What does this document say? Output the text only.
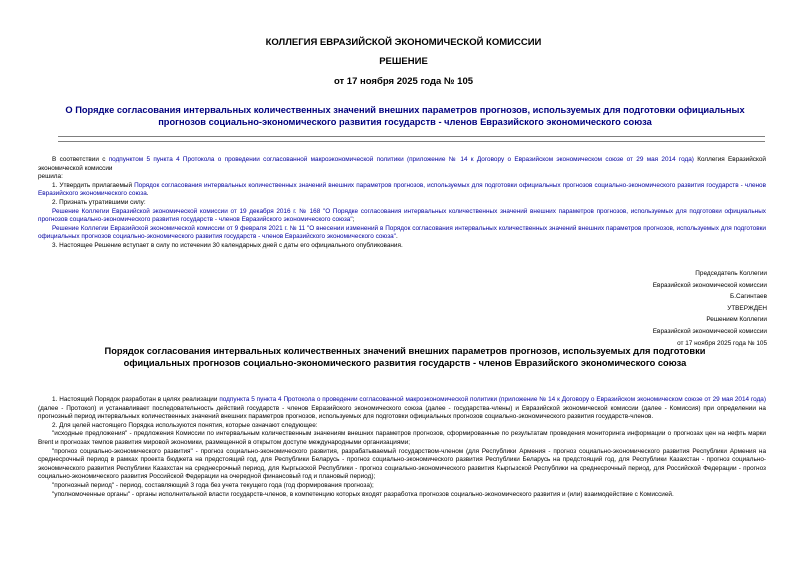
КОЛЛЕГИЯ ЕВРАЗИЙСКОЙ ЭКОНОМИЧЕСКОЙ КОМИССИИ
РЕШЕНИЕ
от 17 ноября 2025 года № 105
О Порядке согласования интервальных количественных значений внешних параметров прогнозов, используемых для подготовки официальных прогнозов социально-экономического развития государств - членов Евразийского экономического союза

В соответствии с подпунктом 5 пункта 4 Протокола о проведении согласованной макроэкономической политики (приложение № 14 к Договору о Евразийском экономическом союзе от 29 мая 2014 года) Коллегия Евразийской экономической комиссии

решила:

1. Утвердить прилагаемый Порядок согласования интервальных количественных значений внешних параметров прогнозов, используемых для подготовки официальных прогнозов социально-экономического развития государств - членов Евразийского экономического союза.

2. Признать утратившими силу:

Решение Коллегии Евразийской экономической комиссии от 19 декабря 2016 г. № 168 "О Порядке согласования интервальных количественных значений внешних параметров прогнозов, используемых для подготовки официальных прогнозов социально-экономического развития государств - членов Евразийского экономического союза";

Решение Коллегии Евразийской экономической комиссии от 9 февраля 2021 г. № 11 "О внесении изменений в Порядок согласования интервальных количественных значений внешних параметров прогнозов, используемых для подготовки официальных прогнозов социально-экономического развития государств - членов Евразийского экономического союза".

3. Настоящее Решение вступает в силу по истечении 30 календарных дней с даты его официального опубликования.

Председатель Коллегии
Евразийской экономической комиссии
Б.Сагинтаев
УТВЕРЖДЕН
Решением Коллегии
Евразийской экономической комиссии
от 17 ноября 2025 года № 105
Порядок согласования интервальных количественных значений внешних параметров прогнозов, используемых для подготовки официальных прогнозов социально-экономического развития государств - членов Евразийского экономического союза

1. Настоящий Порядок разработан в целях реализации подпункта 5 пункта 4 Протокола о проведении согласованной макроэкономической политики (приложение № 14 к Договору о Евразийском экономическом союзе от 29 мая 2014 года) (далее - Протокол) и устанавливает последовательность действий государств - членов Евразийского экономического союза (далее - государства-члены) и Евразийской экономической комиссии (далее - Комиссия) при определении на прогнозный период интервальных количественных значений внешних параметров прогнозов, используемых для подготовки официальных прогнозов социально-экономического развития государств-членов.

2. Для целей настоящего Порядка используются понятия, которые означают следующее:

"исходные предложения" - предложения Комиссии по интервальным количественным значениям внешних параметров прогнозов, сформированные по результатам проведения мониторинга информации о прогнозах цен на нефть марки Brent и прогнозах темпов развития мировой экономики, размещенной в открытом доступе международными организациями;

"прогноз социально-экономического развития" - прогноз социально-экономического развития, разрабатываемый государством-членом (для Республики Армения - прогноз социально-экономического развития Республики Армения на среднесрочный период в рамках проекта бюджета на предстоящий год, для Республики Беларусь - прогноз социально-экономического развития Республики Беларусь на предстоящий год, для Республики Казахстан - прогноз социально-экономического развития Республики Казахстан на среднесрочный период, для Кыргызской Республики - прогноз социально-экономического развития Кыргызской Республики на среднесрочный период, для Российской Федерации - прогноз социально-экономического развития Российской Федерации на очередной финансовый год и плановый период);

"прогнозный период" - период, составляющий 3 года без учета текущего года (год формирования прогноза);

"уполномоченные органы" - органы исполнительной власти государств-членов, в компетенцию которых входят разработка прогнозов социально-экономического развития и (или) взаимодействие с Комиссией.
